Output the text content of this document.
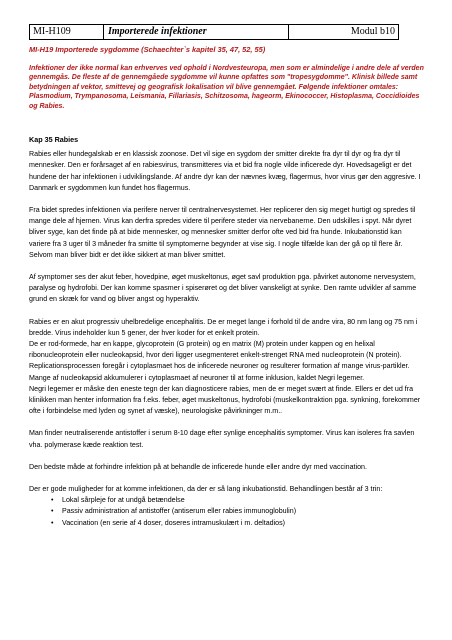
MI-H109	Importerede infektioner	Modul b10
MI-H19 Importerede sygdomme (Schaechter`s kapitel 35, 47, 52, 55)
Infektioner der ikke normal kan erhverves ved ophold i Nordvesteuropa, men som er almindelige i andre dele af verden gennemgås. De fleste af de gennemgåede sygdomme vil kunne opfattes som "tropesygdomme". Klinisk billede samt betydningen af vektor, smittevej og geografisk lokalisation vil blive gennemgået. Følgende infektioner omtales: Plasmodium, Trympanosoma, Leismania, Fillariasis, Schitzosoma, hageorm, Ekinococcer, Histoplasma, Coccidioides og Rabies.
Kap 35 Rabies

Rabies eller hundegalskab er en klassisk zoonose. Det vil sige en sygdom der smitter direkte fra dyr til dyr og fra dyr til mennesker. Den er forårsaget af en rabiesvirus, transmitteres via et bid fra nogle vilde inficerede dyr. Hovedsageligt er det hundene der har infektionen i udviklingslande. Af andre dyr kan der nævnes kvæg, flagermus, hvor virus gør den aggresive. I Danmark er sygdommen kun fundet hos flagermus.

Fra bidet spredes infektionen via perifere nerver til centralnervesystemet. Her replicerer den sig meget hurtigt og spredes til mange dele af hjernen. Virus kan derfra spredes videre til perifere steder via nervebanerne. Den udskilles i spyt. Når dyret bliver syge, kan det finde på at bide mennesker, og mennesker smitter derfor ofte ved bid fra hunde. Inkubationstid kan variere fra 3 uger til 3 måneder fra smitte til symptomerne begynder at vise sig. I nogle tilfælde kan der gå op til flere år. Selvom man bliver bidt er det ikke sikkert at man bliver smittet.

Af symptomer ses der akut feber, hovedpine, øget muskeltonus, øget savl produktion pga. påvirket autonome nervesystem, paralyse og hydrofobi. Der kan komme spasmer i spiserøret og det bliver vanskeligt at synke. Den ramte udvikler af samme grund en skræk for vand og bliver angst og hyperaktiv.

Rabies er en akut progressiv uhelbredelige encephalitis. De er meget lange i forhold til de andre vira, 80 nm lang og 75 nm i bredde. Virus indeholder kun 5 gener, der hver koder for et enkelt protein.

De er rod-formede, har en kappe, glycoprotein (G protein) og en matrix (M) protein under kappen og en helixal ribonucleoprotein eller nucleokapsid, hvor deri ligger usegmenteret enkelt-strenget RNA med nucleoprotein (N protein). Replicationsprocessen foregår i cytoplasmaet hos de inficerede neuroner og resulterer formation af mange virus-partikler. Mange af nucleokapsid akkumulerer i cytoplasmaet af neuroner til at forme inklusion, kaldet Negri legemer.

Negri legemer er måske den eneste tegn der kan diagnosticere rabies, men de er meget svært at finde. Ellers er det ud fra klinikken man henter information fra f.eks. feber, øget muskeltonus, hydrofobi (muskelkontraktion pga. synkning, forekommer ofte i forbindelse med lyden og synet af væske), neurologiske påvirkninger m.m..

Man finder neutraliserende antistoffer i serum 8-10 dage efter synlige encephalitis symptomer. Virus kan isoleres fra savlen vha. polymerase kæde reaktion test.

Den bedste måde at forhindre infektion på at behandle de inficerede hunde eller andre dyr med vaccination.

Der er gode muligheder for at komme infektionen, da der er så lang inkubationstid. Behandlingen består af 3 trin:

• Lokal sårpleje for at undgå betændelse
• Passiv administration af antistoffer (antiserum eller rabies immunoglobulin)
• Vaccination (en serie af 4 doser, doseres intramuskulært i m. deltadios)
